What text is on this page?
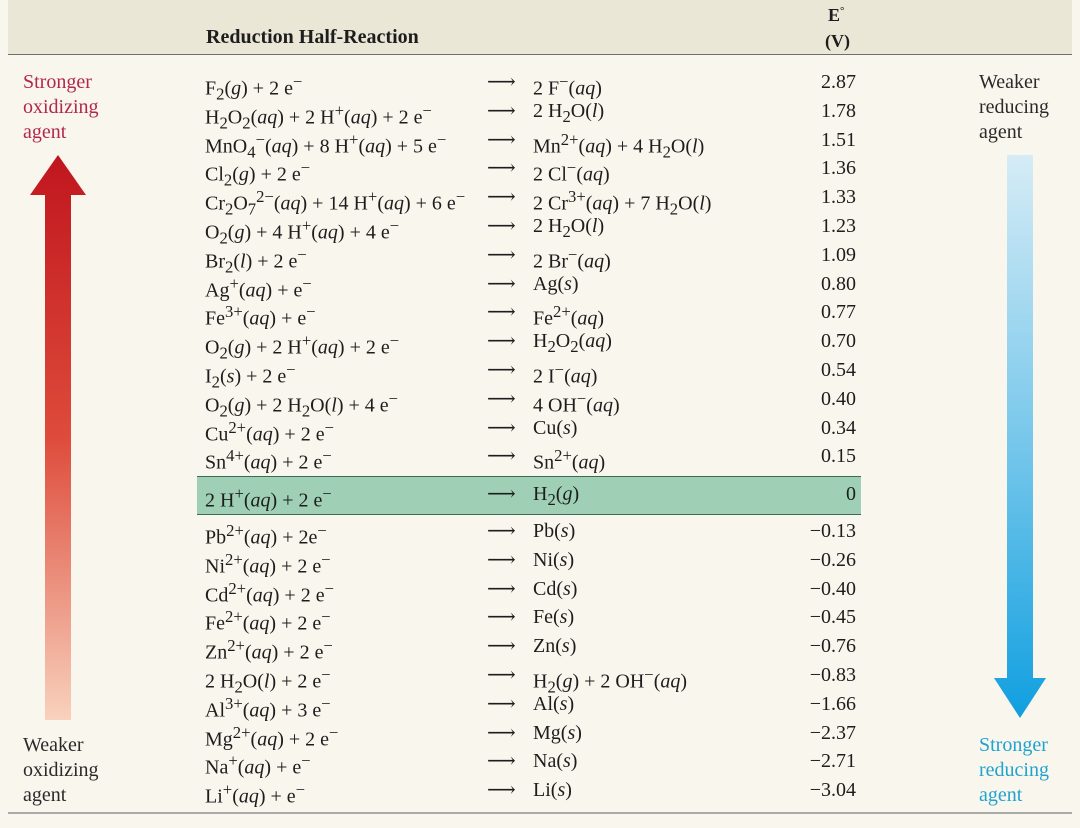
Reduction Half-Reaction
E°
(V)
Stronger
oxidizing
agent
Weaker
oxidizing
agent
Weaker
reducing
agent
Stronger
reducing
agent
$F_2(g) + 2$ e−	⟶ 2 F−(aq)	2.87
$H_2O_2(aq) + 2$ H+(aq) + 2 e−	⟶ 2 $H_2O(l)$	1.78
MnO$_4$−(aq) + 8 H+(aq) + 5 e− ⟶ $Mn^{2+}(aq) + 4$ $H_2O(l)$	1.51
$Cl_2(g) + 2$ e−	⟶ 2 Cl−(aq)	1.36
$Cr_2O_7^{2-}(aq) + 14$ H+(aq) + 6 e− ⟶ 2 $Cr^{3+}(aq) + 7$ $H_2O(l)$	1.33
$O_2(g) + 4$ H+(aq) + 4 e−	⟶ 2 $H_2O(l)$	1.23
$Br_2(l) + 2$ e−	⟶ 2 Br−(aq)	1.09
Ag+(aq) + e−	⟶ Ag(s)	0.80
$Fe^{3+}(aq) + e^-$	⟶ $Fe^{2+}(aq)$	0.77
$O_2(g) + 2$ H+(aq) + 2 e−	⟶ $H_2O_2(aq)$	0.70
$I_2(s) + 2$ e−	⟶ 2 I−(aq)	0.54
$O_2(g) + 2$ $H_2O(l) + 4$ e−	⟶ 4 OH−(aq)	0.40
$Cu^{2+}(aq) + 2$ e−	⟶ Cu(s)	0.34
$Sn^{4+}(aq) + 2$ e−	⟶ $Sn^{2+}(aq)$	0.15
2 H+(aq) + 2 e−	⟶ $H_2(g)$	0
$Pb^{2+}(aq) + 2e^-$	⟶ Pb(s)	−0.13
$Ni^{2+}(aq) + 2$ e−	⟶ Ni(s)	−0.26
$Cd^{2+}(aq) + 2$ e−	⟶ Cd(s)	−0.40
$Fe^{2+}(aq) + 2$ e−	⟶ Fe(s)	−0.45
$Zn^{2+}(aq) + 2$ e−	⟶ Zn(s)	−0.76
2 $H_2O(l) + 2$ e−	⟶ $H_2(g) + 2$ OH−(aq)	−0.83
$Al^{3+}(aq) + 3$ e−	⟶ Al(s)	−1.66
$Mg^{2+}(aq) + 2$ e−	⟶ Mg(s)	−2.37
Na+(aq) + e−	⟶ Na(s)	−2.71
Li+(aq) + e−	⟶ Li(s)	−3.04
